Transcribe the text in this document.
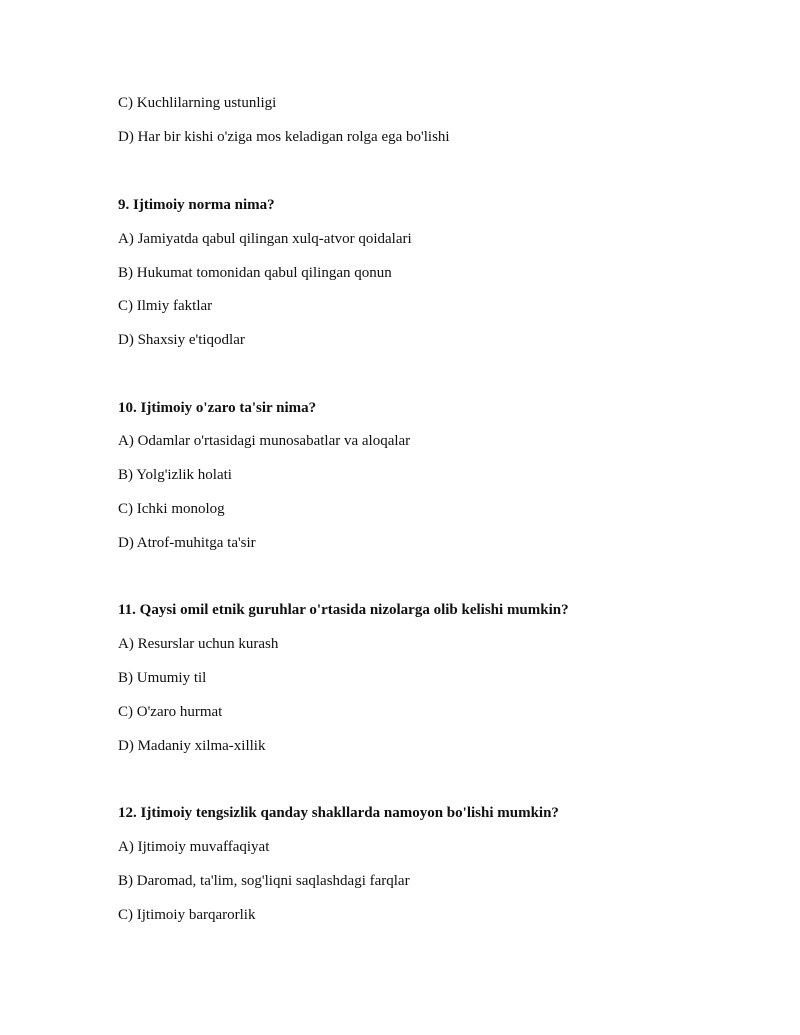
C) Kuchlilarning ustunligi
D) Har bir kishi o'ziga mos keladigan rolga ega bo'lishi
9. Ijtimoiy norma nima?
A) Jamiyatda qabul qilingan xulq-atvor qoidalari
B) Hukumat tomonidan qabul qilingan qonun
C) Ilmiy faktlar
D) Shaxsiy e'tiqodlar
10. Ijtimoiy o'zaro ta'sir nima?
A) Odamlar o'rtasidagi munosabatlar va aloqalar
B) Yolg'izlik holati
C) Ichki monolog
D) Atrof-muhitga ta'sir
11. Qaysi omil etnik guruhlar o'rtasida nizolarga olib kelishi mumkin?
A) Resurslar uchun kurash
B) Umumiy til
C) O'zaro hurmat
D) Madaniy xilma-xillik
12. Ijtimoiy tengsizlik qanday shakllarda namoyon bo'lishi mumkin?
A) Ijtimoiy muvaffaqiyat
B) Daromad, ta'lim, sog'liqni saqlashdagi farqlar
C) Ijtimoiy barqarorlik
